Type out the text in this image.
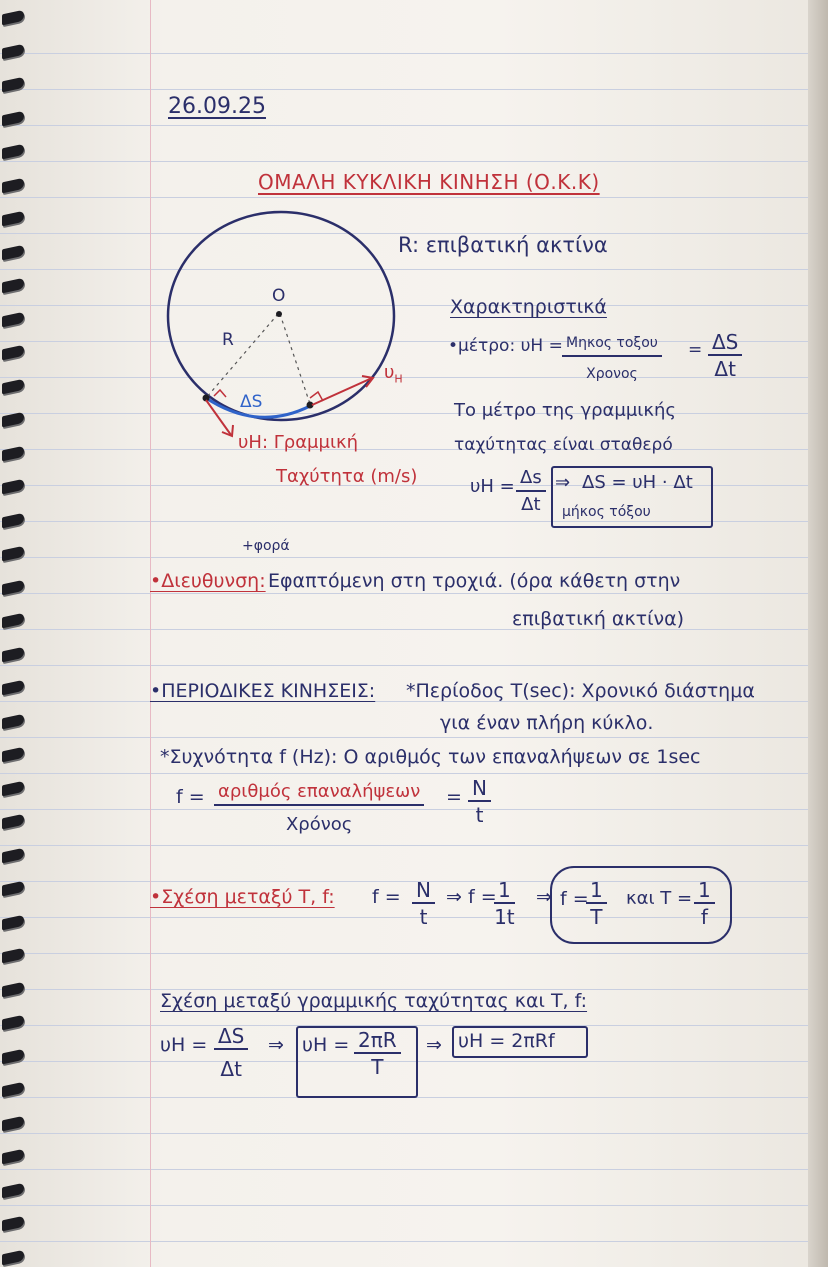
26.09.25
ΟΜΑΛΗ ΚΥΚΛΙΚΗ ΚΙΝΗΣΗ (Ο.Κ.Κ)
O
R
ΔS
$\upsilon_H$
R: επιβατική ακτίνα
υH: Γραμμική
Ταχύτητα (m/s)
Χαρακτηριστικά
•μέτρο: υH = Μηκος τοξου
Χρονος
= $\frac{\Delta S}{\Delta t}$
Το μέτρο της γραμμικής
ταχύτητας είναι σταθερό
$\upsilon H = \frac{\Delta s}{\Delta t}$ ⇒ ΔS = υH · Δt
μήκος τόξου
+φορά
•Διευθυνση: Εφαπτόμενη στη τροχιά. (όρα κάθετη στην
επιβατική ακτίνα)
•ΠΕΡΙΟΔΙΚΕΣ ΚΙΝΗΣΕΙΣ: *Περίοδος T(sec): Χρονικό διάστημα
για έναν πλήρη κύκλο.
*Συχνότητα f (Hz): Ο αριθμός των επαναλήψεων σε 1sec
f = αριθμός επαναλήψεων
Χρόνος
= $\frac{N}{t}$
•Σχέση μεταξύ T, f: $f = \frac{N}{t}$ ⇒ f =
$\frac{1}{1t}$ ⇒ f =
$\frac{1}{T}$ και $T = \frac{1}{f}$
Σχέση μεταξύ γραμμικής ταχύτητας και T, f:
$\upsilon H = \frac{\Delta S}{\Delta t}$ ⇒ $\upsilon H = \frac{2\pi R}{T}$ ⇒ υH = 2πRf
